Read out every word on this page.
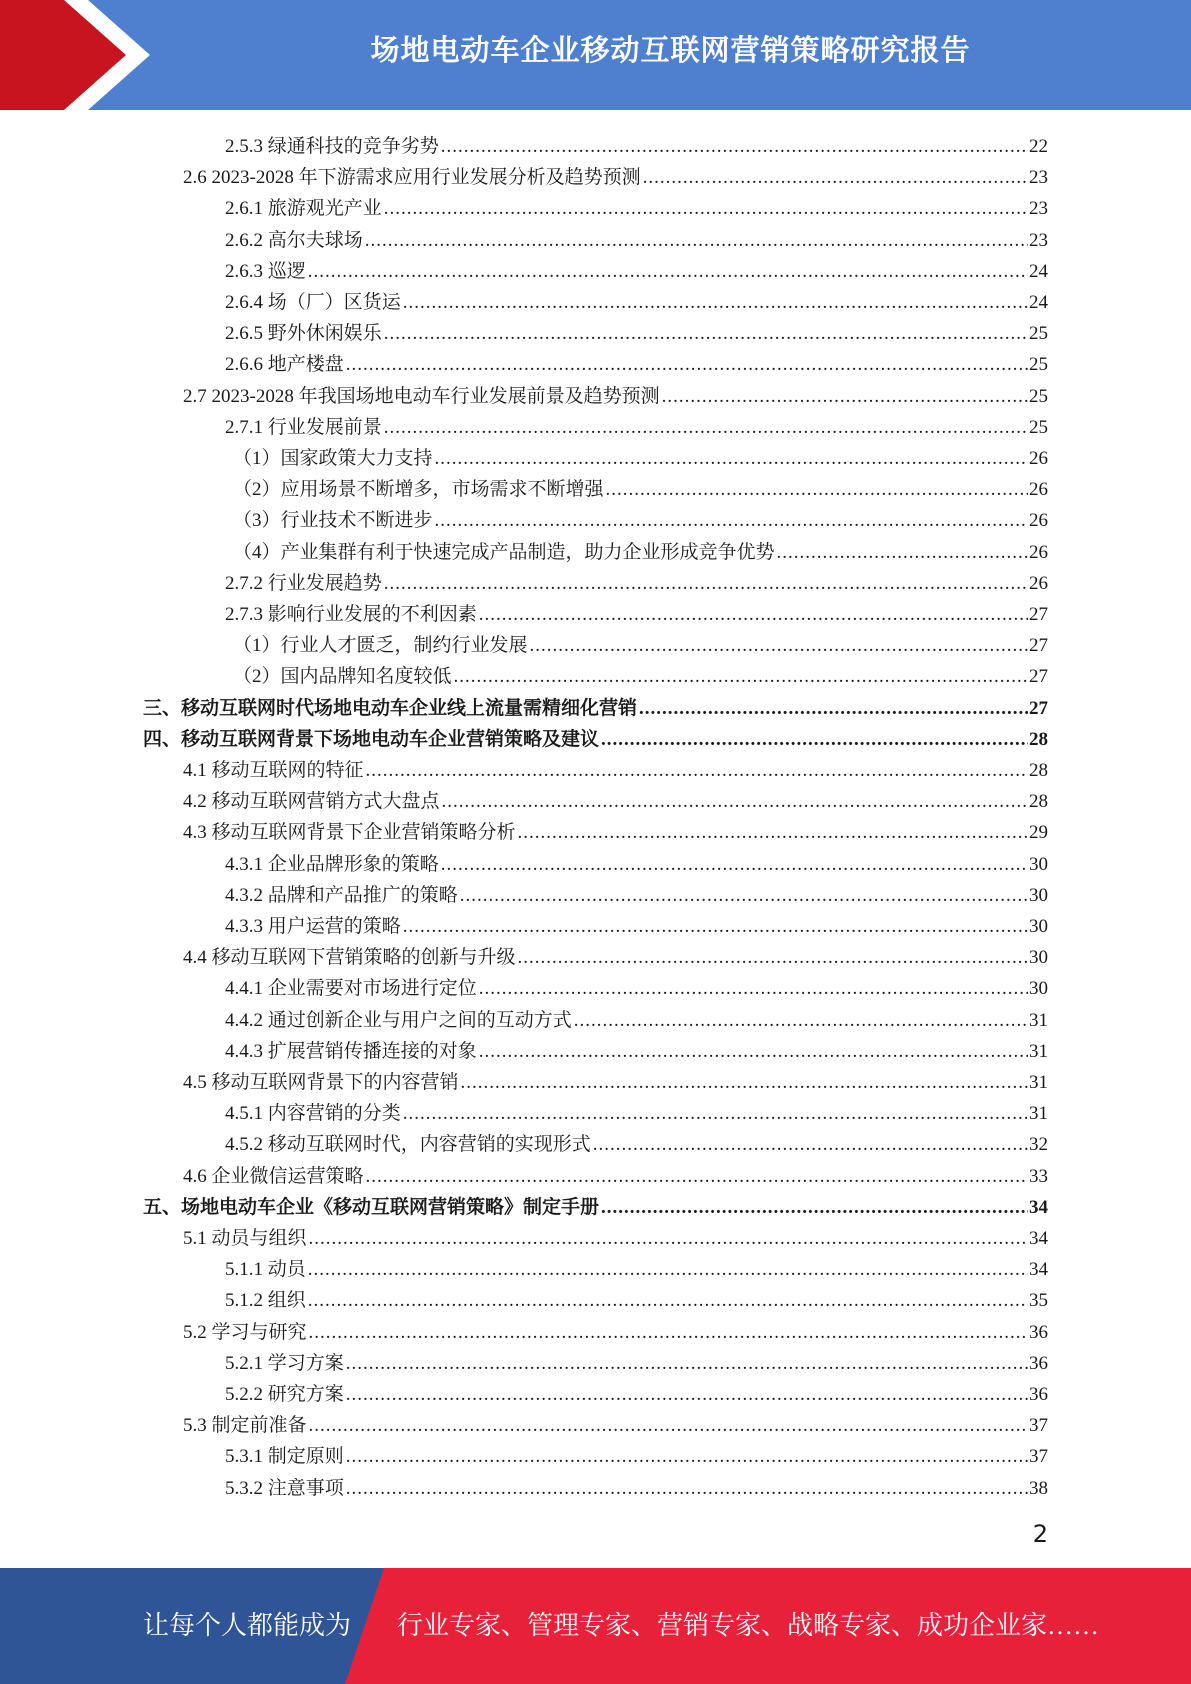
场地电动车企业移动互联网营销策略研究报告
2.5.3 绿通科技的竞争劣势 .....	22
2.6 2023-2028 年下游需求应用行业发展分析及趋势预测 .....	23
2.6.1 旅游观光产业 .....	23
2.6.2 高尔夫球场 .....	23
2.6.3 巡逻 .....	24
2.6.4 场（厂）区货运 .....	24
2.6.5 野外休闲娱乐 .....	25
2.6.6 地产楼盘 .....	25
2.7 2023-2028 年我国场地电动车行业发展前景及趋势预测 .....	25
2.7.1 行业发展前景 .....	25
（1）国家政策大力支持 .....	26
（2）应用场景不断增多，市场需求不断增强 .....	26
（3）行业技术不断进步 .....	26
（4）产业集群有利于快速完成产品制造，助力企业形成竞争优势 .....	26
2.7.2 行业发展趋势 .....	26
2.7.3 影响行业发展的不利因素 .....	27
（1）行业人才匮乏，制约行业发展 .....	27
（2）国内品牌知名度较低 .....	27
三、移动互联网时代场地电动车企业线上流量需精细化营销 .....	27
四、移动互联网背景下场地电动车企业营销策略及建议 .....	28
4.1 移动互联网的特征 .....	28
4.2 移动互联网营销方式大盘点 .....	28
4.3 移动互联网背景下企业营销策略分析 .....	29
4.3.1 企业品牌形象的策略 .....	30
4.3.2 品牌和产品推广的策略 .....	30
4.3.3 用户运营的策略 .....	30
4.4 移动互联网下营销策略的创新与升级 .....	30
4.4.1 企业需要对市场进行定位 .....	30
4.4.2 通过创新企业与用户之间的互动方式 .....	31
4.4.3 扩展营销传播连接的对象 .....	31
4.5 移动互联网背景下的内容营销 .....	31
4.5.1 内容营销的分类 .....	31
4.5.2 移动互联网时代，内容营销的实现形式 .....	32
4.6 企业微信运营策略 .....	33
五、场地电动车企业《移动互联网营销策略》制定手册 .....	34
5.1 动员与组织 .....	34
5.1.1 动员 .....	34
5.1.2 组织 .....	35
5.2 学习与研究 .....	36
5.2.1 学习方案 .....	36
5.2.2 研究方案 .....	36
5.3 制定前准备 .....	37
5.3.1 制定原则 .....	37
5.3.2 注意事项 .....	38
2
让每个人都能成为 行业专家、管理专家、营销专家、战略专家、成功企业家……
